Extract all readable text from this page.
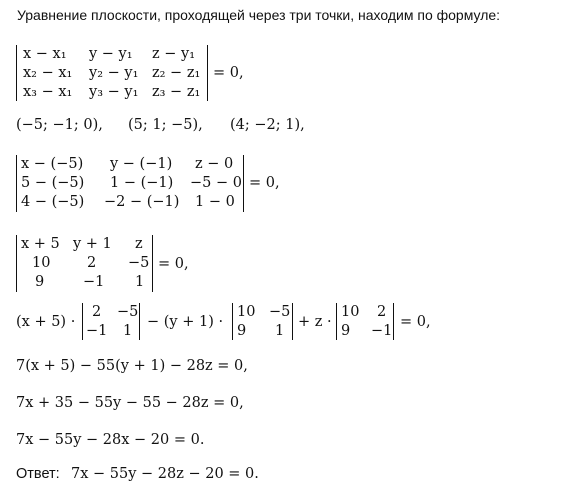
Уравнение плоскости, проходящей через три точки, находим по формуле:
x − x₁ y − y₁ z − y₁
x₂ − x₁ y₂ − y₁ z₂ − z₁
x₃ − x₁ y₃ − y₁ z₃ − z₁
= 0,
(−5; −1; 0), (5; 1; −5), (4; −2; 1),
x − (−5) y − (−1) z − 0
5 − (−5) 1 − (−1) −5 − 0
4 − (−5) −2 − (−1) 1 − 0
= 0,
x + 5 y + 1 z
10	2 −5
9	−1 1
= 0,
(x + 5) ·
2 −5
−1 1
− (y + 1) ·
10 −5
9 1
+ z ·
10 2
9 −1
= 0,
7(x + 5) − 55(y + 1) − 28z = 0,
7x + 35 − 55y − 55 − 28z = 0,
7x − 55y − 28x − 20 = 0.
Ответ: 7x − 55y − 28z − 20 = 0.
